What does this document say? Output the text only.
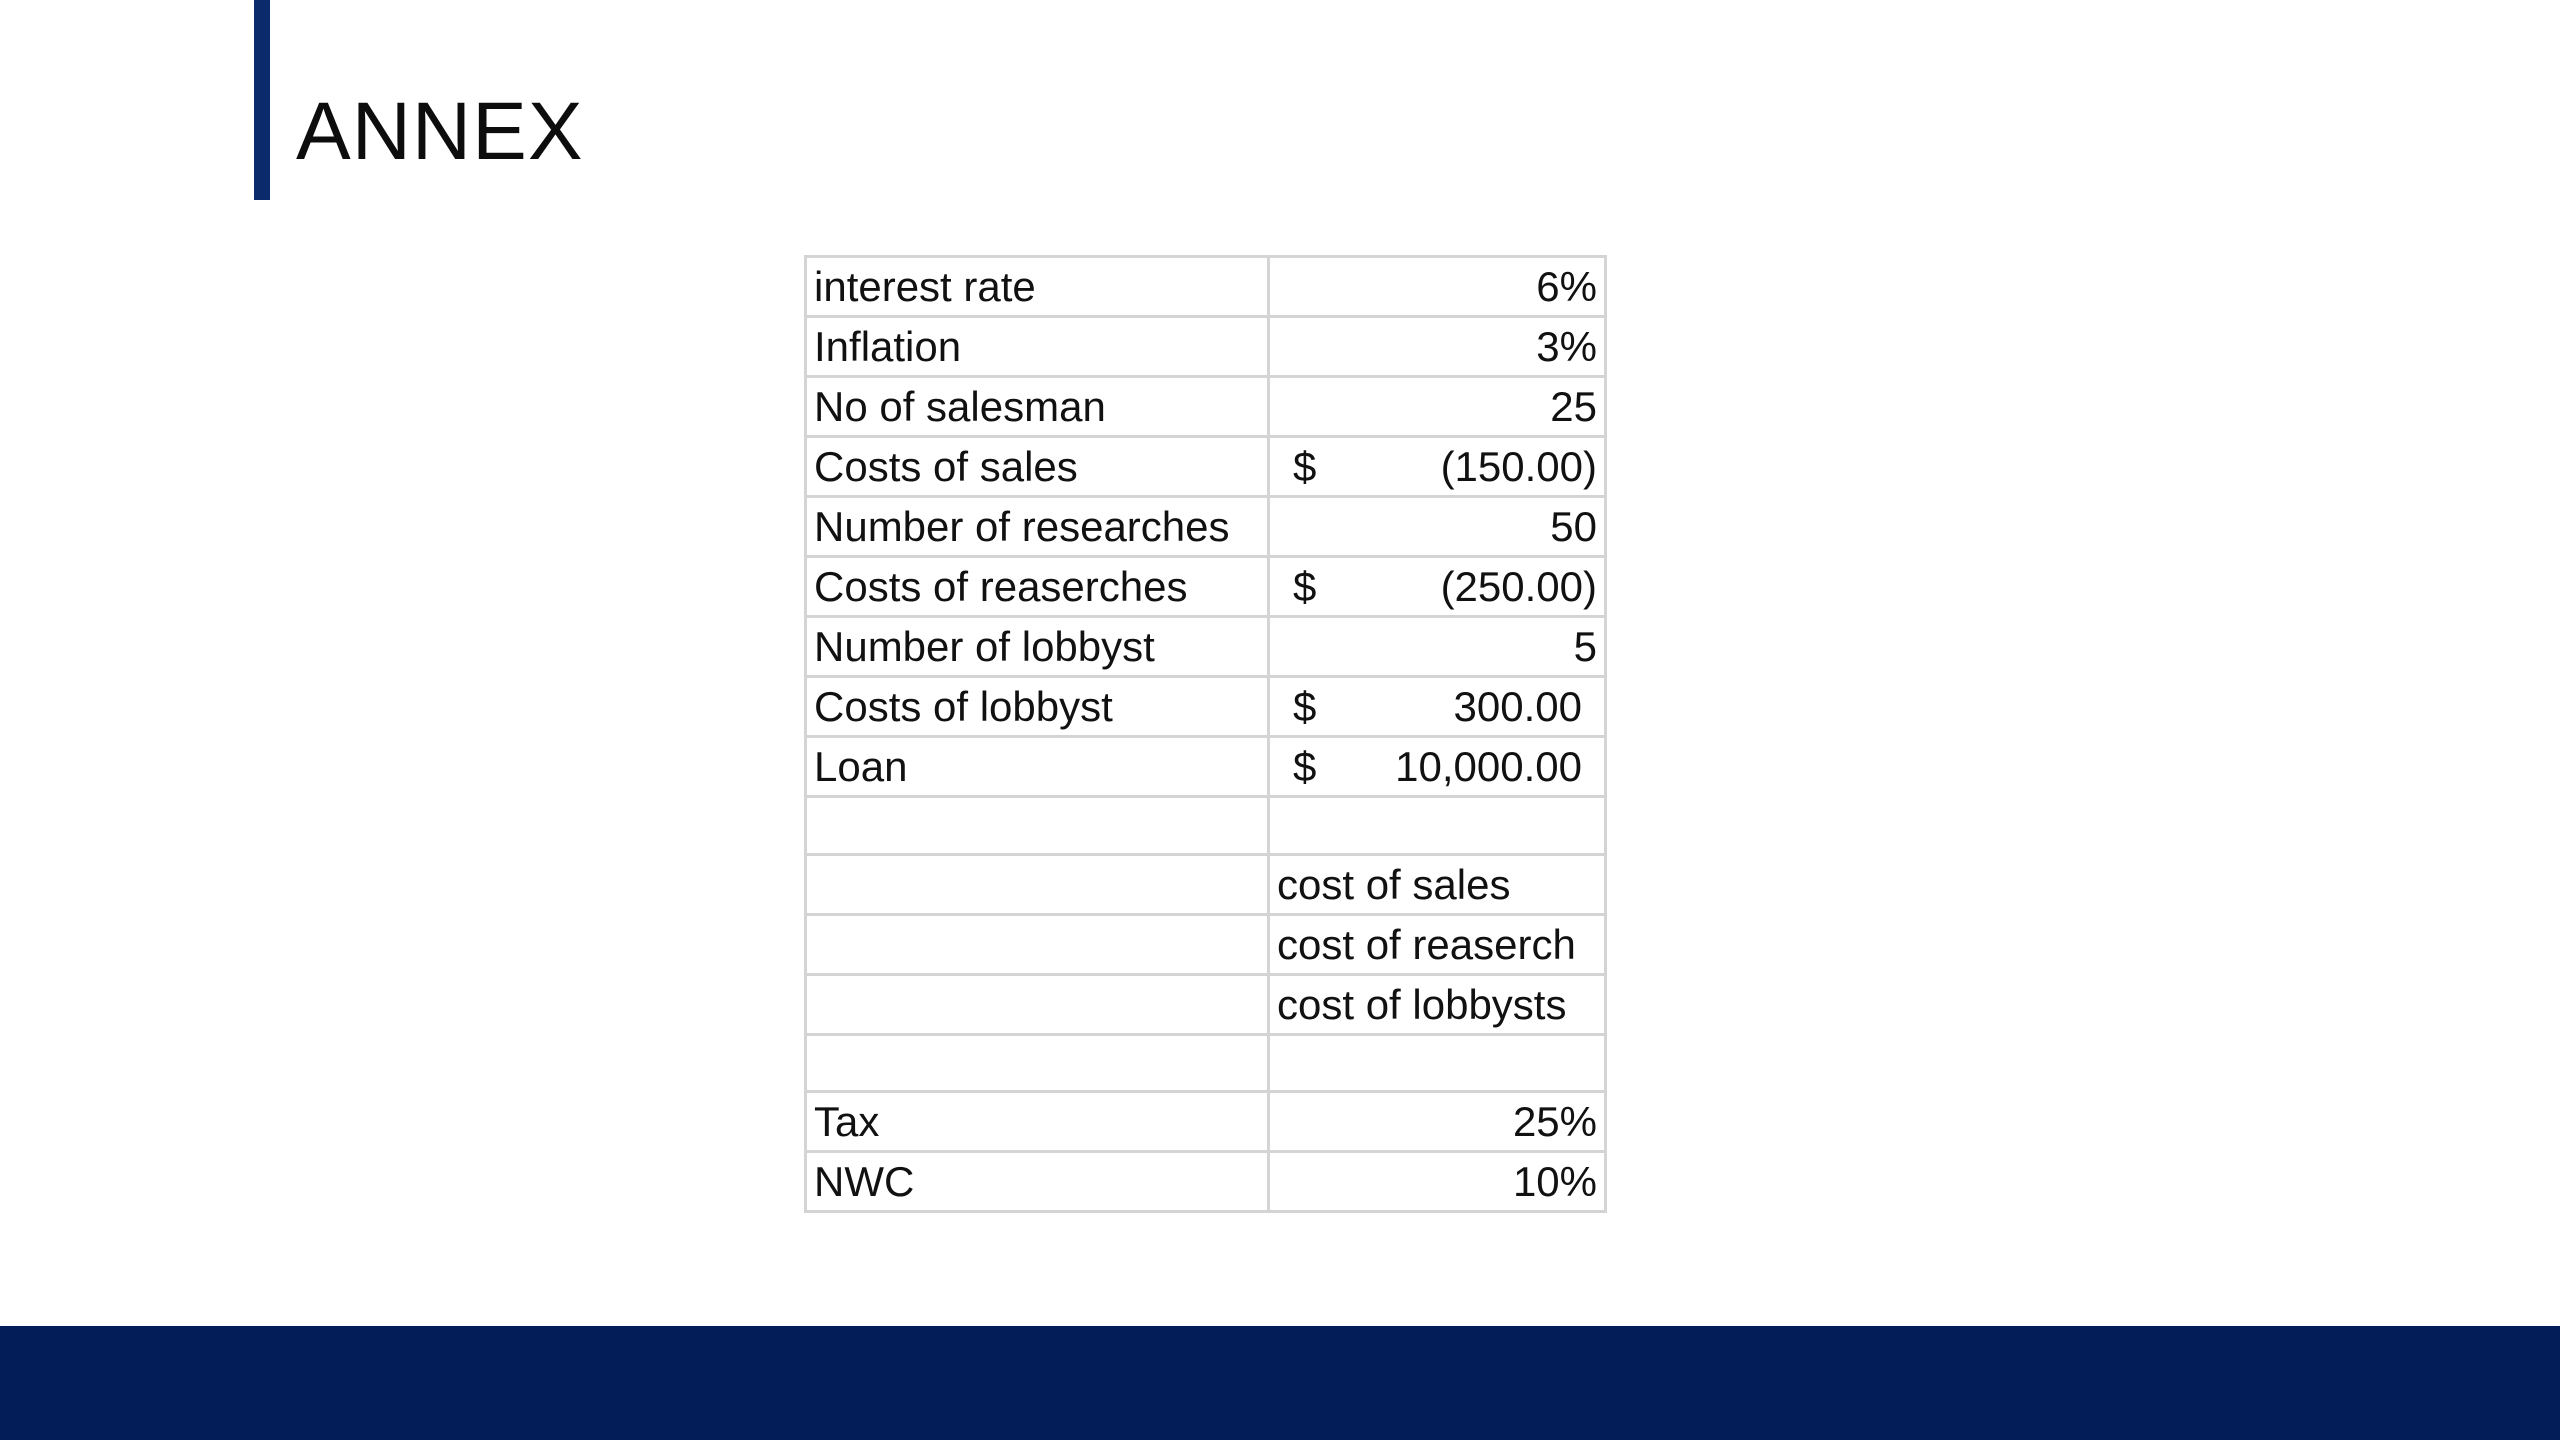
ANNEX
interest rate	6%
Inflation	3%
No of salesman	25
Costs of sales	$ (150.00)

Number of researches	50
Costs of reaserches	$ (250.00)

Number of lobbyst	5
Costs of lobbyst	$ 300.00

Loan	$ 10,000.00

	cost of sales
	cost of reaserch
	cost of lobbysts

Tax	25%
NWC	10%
